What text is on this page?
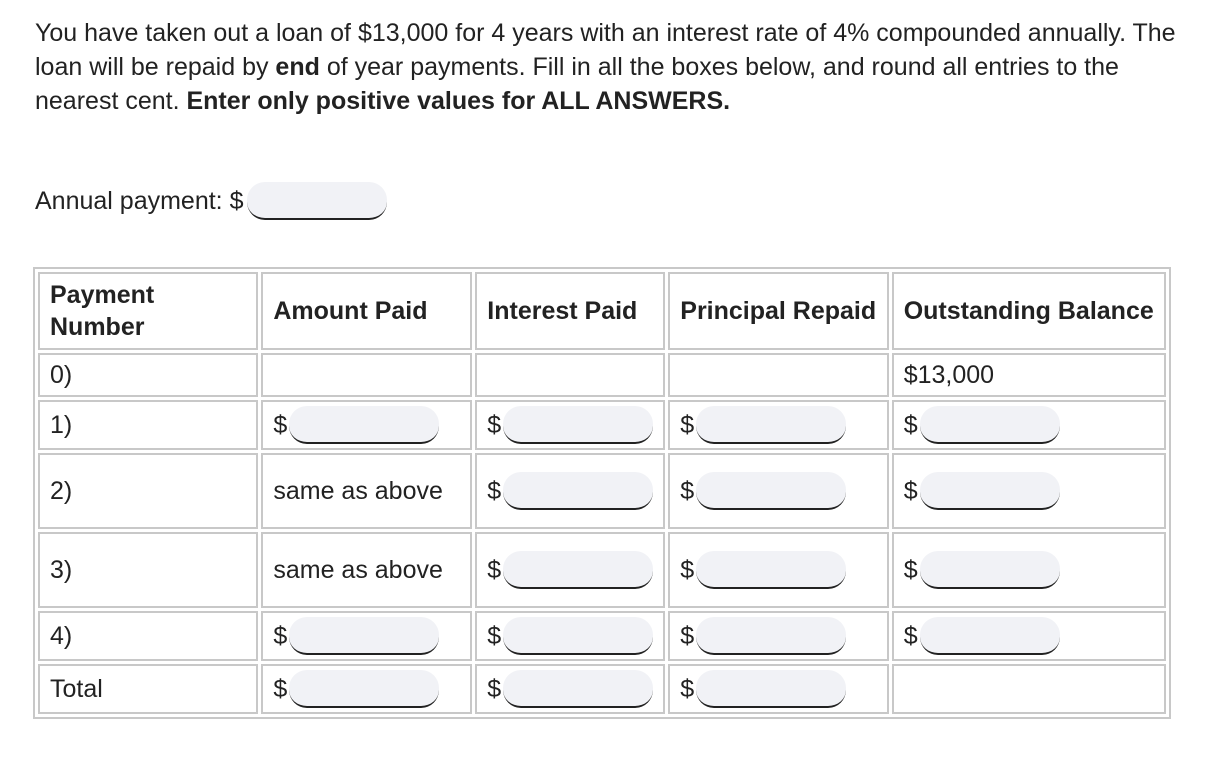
You have taken out a loan of $13,000 for 4 years with an interest rate of 4% compounded annually. The loan will be repaid by end of year payments. Fill in all the boxes below, and round all entries to the nearest cent. Enter only positive values for ALL ANSWERS.

Annual payment: $
Payment Number	Amount Paid	Interest Paid	Principal Repaid	Outstanding Balance
0)				$13,000
1)	$	$	$	$

2)	same as above	$	$	$

3)	same as above	$	$	$

4)	$	$	$	$

Total	$	$	$	
